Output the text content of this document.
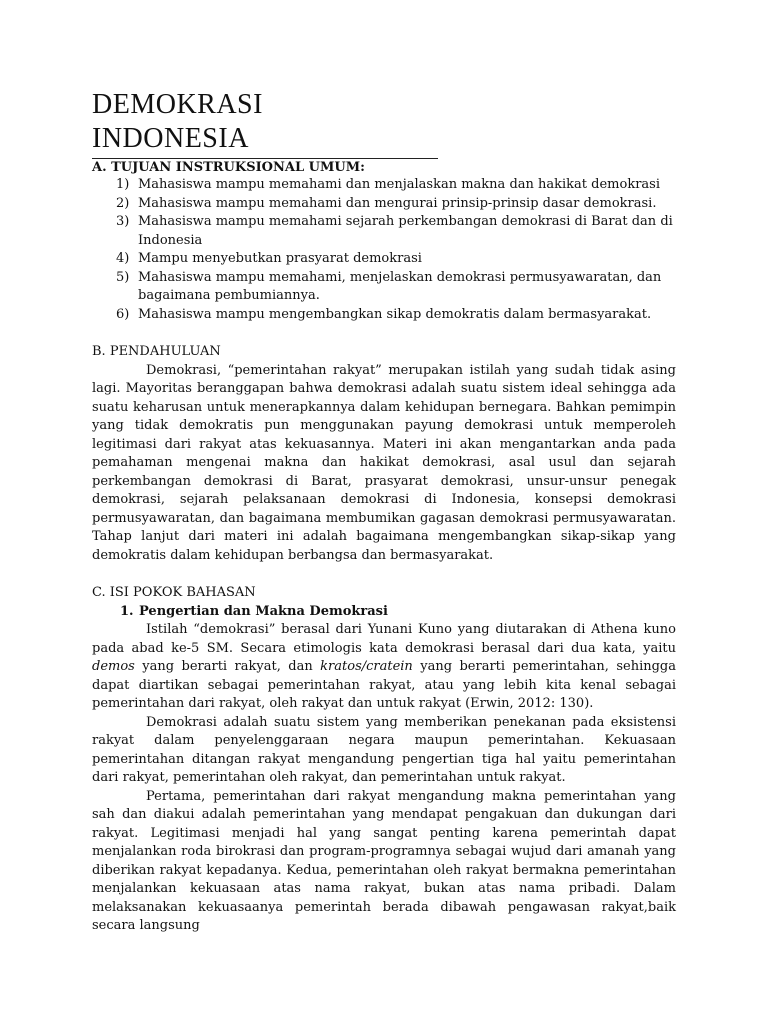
DEMOKRASI
INDONESIA
A. TUJUAN INSTRUKSIONAL UMUM:
1) Mahasiswa mampu memahami dan menjalaskan makna dan hakikat demokrasi
2) Mahasiswa mampu memahami dan mengurai prinsip-prinsip dasar demokrasi.
3) Mahasiswa mampu memahami sejarah perkembangan demokrasi di Barat dan di Indonesia
4) Mampu menyebutkan prasyarat demokrasi
5) Mahasiswa mampu memahami, menjelaskan demokrasi permusyawaratan, dan bagaimana pembumiannya.
6) Mahasiswa mampu mengembangkan sikap demokratis dalam bermasyarakat.

B. PENDAHULUAN

Demokrasi, “pemerintahan rakyat” merupakan istilah yang sudah tidak asing lagi. Mayoritas beranggapan bahwa demokrasi adalah suatu sistem ideal sehingga ada suatu keharusan untuk menerapkannya dalam kehidupan bernegara. Bahkan pemimpin yang tidak demokratis pun menggunakan payung demokrasi untuk memperoleh legitimasi dari rakyat atas kekuasannya. Materi ini akan mengantarkan anda pada pemahaman mengenai makna dan hakikat demokrasi, asal usul dan sejarah perkembangan demokrasi di Barat, prasyarat demokrasi, unsur-unsur penegak demokrasi, sejarah pelaksanaan demokrasi di Indonesia, konsepsi demokrasi permusyawaratan, dan bagaimana membumikan gagasan demokrasi permusyawaratan. Tahap lanjut dari materi ini adalah bagaimana mengembangkan sikap-sikap yang demokratis dalam kehidupan berbangsa dan bermasyarakat.

C. ISI POKOK BAHASAN

1. Pengertian dan Makna Demokrasi

Istilah “demokrasi” berasal dari Yunani Kuno yang diutarakan di Athena kuno pada abad ke-5 SM. Secara etimologis kata demokrasi berasal dari dua kata, yaitu demos yang berarti rakyat, dan kratos/cratein yang berarti pemerintahan, sehingga dapat diartikan sebagai pemerintahan rakyat, atau yang lebih kita kenal sebagai pemerintahan dari rakyat, oleh rakyat dan untuk rakyat (Erwin, 2012: 130).

Demokrasi adalah suatu sistem yang memberikan penekanan pada eksistensi rakyat dalam penyelenggaraan negara maupun pemerintahan. Kekuasaan pemerintahan ditangan rakyat mengandung pengertian tiga hal yaitu pemerintahan dari rakyat, pemerintahan oleh rakyat, dan pemerintahan untuk rakyat.

Pertama, pemerintahan dari rakyat mengandung makna pemerintahan yang sah dan diakui adalah pemerintahan yang mendapat pengakuan dan dukungan dari rakyat. Legitimasi menjadi hal yang sangat penting karena pemerintah dapat menjalankan roda birokrasi dan program-programnya sebagai wujud dari amanah yang diberikan rakyat kepadanya. Kedua, pemerintahan oleh rakyat bermakna pemerintahan menjalankan kekuasaan atas nama rakyat, bukan atas nama pribadi. Dalam melaksanakan kekuasaanya pemerintah berada dibawah pengawasan rakyat,baik secara langsung
